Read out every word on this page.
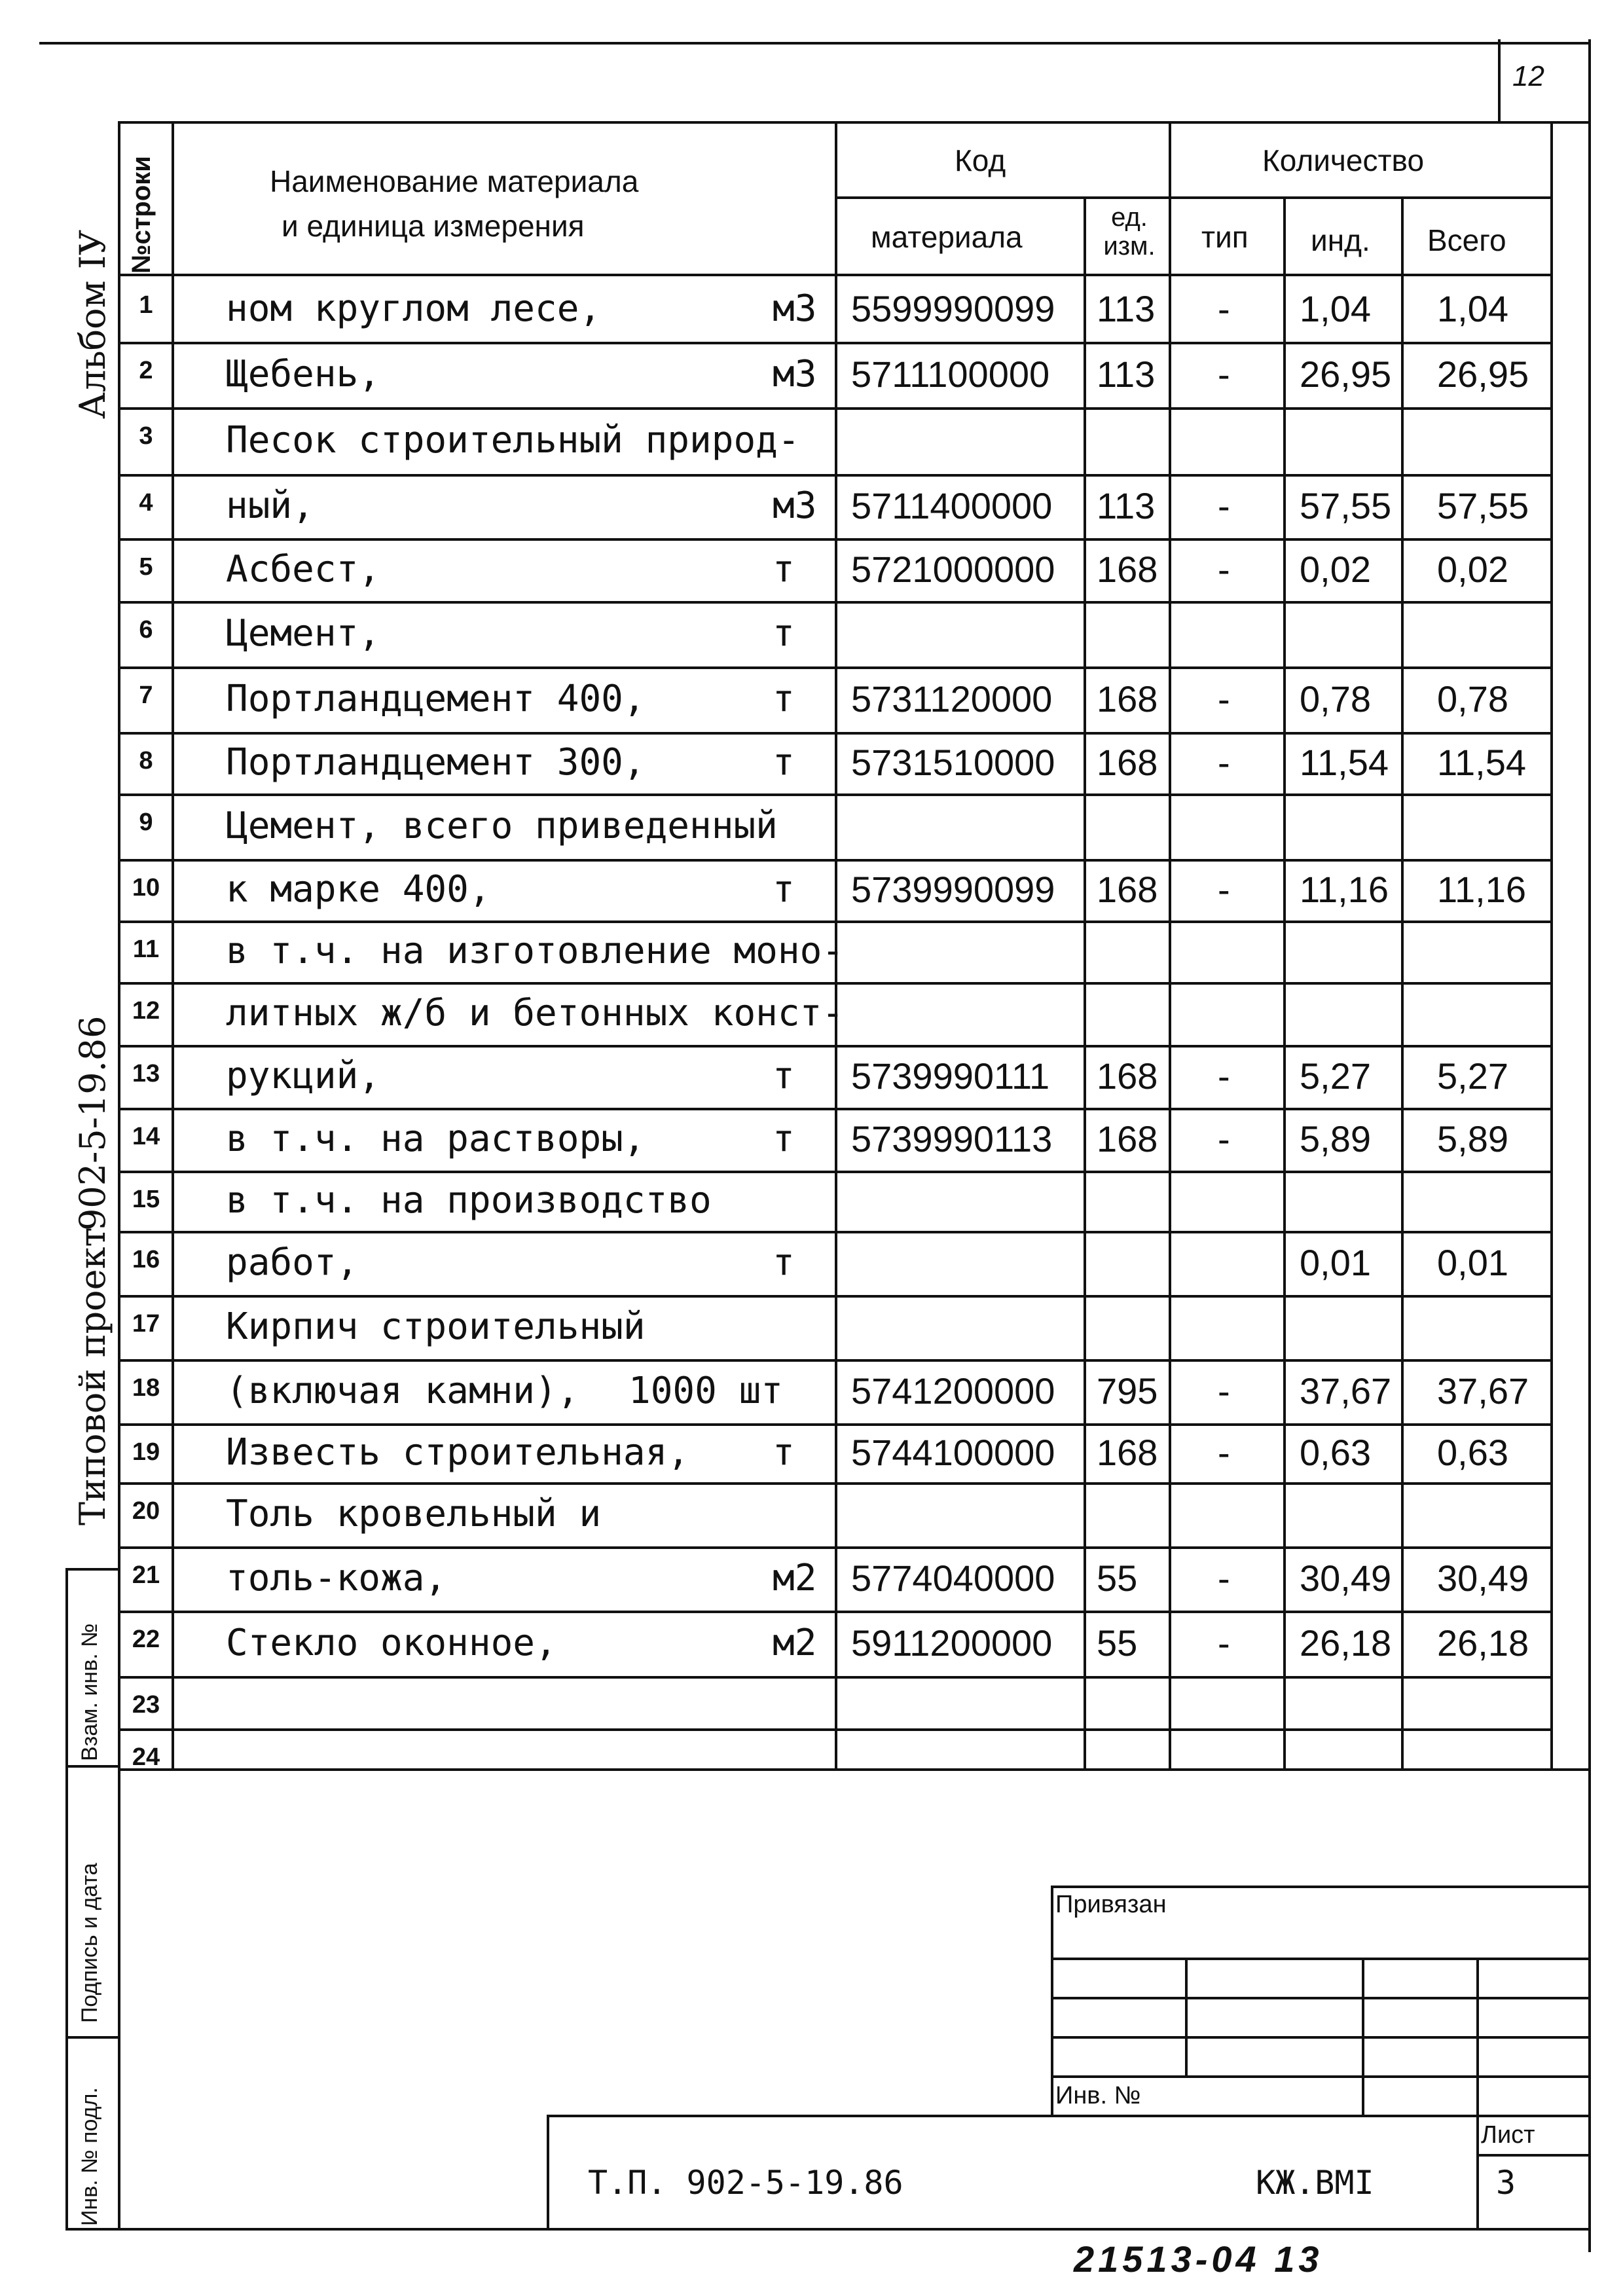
12
Альбом ІУ
902-5-19.86
Типовой проект
Взам. инв. №
Подпись и дата
Инв. № подл.
№строки	Наименование материала
и единица измерения
Код
материала
ед. изм.
Количество
тип инд. Всего
1	ном круглом лесе,	м3 5599990099 113 - 1,04 1,04
2	Щебень,	м3 5711100000 113 - 26,95 26,95
3	Песок строительный природ-
4	ный,	м3 5711400000 113 - 57,55 57,55
5	Асбест,	т 5721000000 168 - 0,02 0,02
6	Цемент,	т
7	Портландцемент 400,	т 5731120000 168 - 0,78 0,78
8	Портландцемент 300,	т 5731510000 168 - 11,54 11,54
9	Цемент, всего приведенный
10	к марке 400,	т 5739990099 168 - 11,16 11,16
11	в т.ч. на изготовление моно-
12	литных ж/б и бетонных конст-
13	рукций,	т 5739990111 168 - 5,27 5,27
14	в т.ч. на растворы,	т 5739990113 168 - 5,89 5,89
15	в т.ч. на производство
16	работ,	т	0,01 0,01
17	Кирпич строительный
18	(включая камни), 1000 шт 5741200000 795 - 37,67 37,67
19	Известь строительная, т 5744100000 168 - 0,63 0,63
20	Толь кровельный и
21	толь-кожа,	м2 5774040000 55 - 30,49 30,49
22	Стекло оконное,	м2 5911200000 55 - 26,18 26,18
23
24
Привязан
Инв. №
Лист
3
Т.П. 902-5-19.86	КЖ.ВМІ
21513-04 13
